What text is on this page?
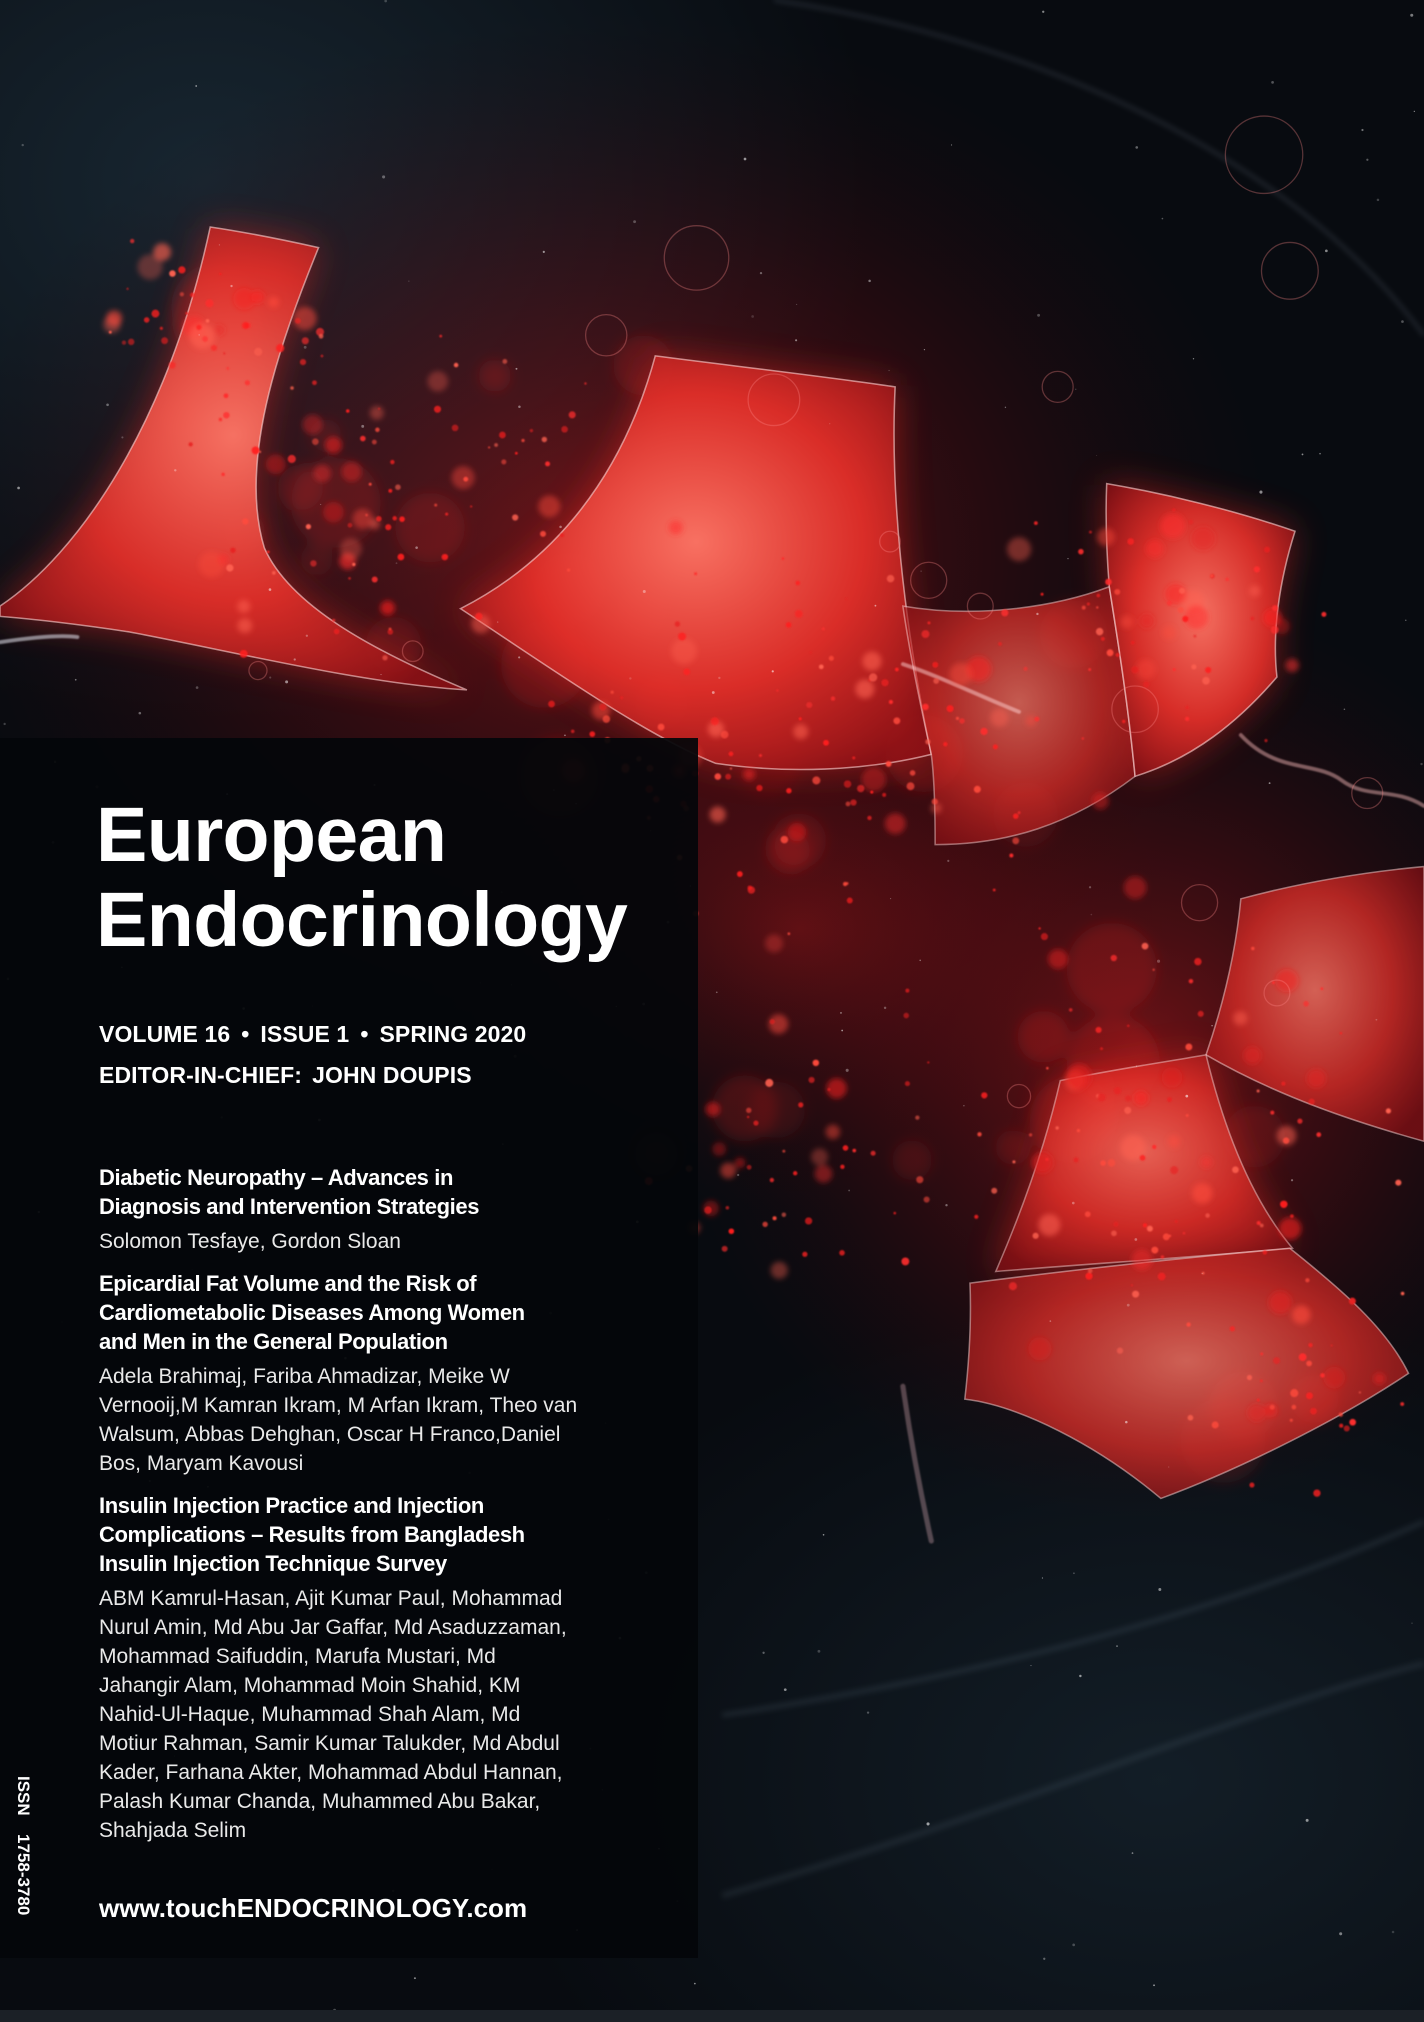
European
Endocrinology
VOLUME 16 • ISSUE 1 • SPRING 2020
EDITOR-IN-CHIEF: JOHN DOUPIS
Diabetic Neuropathy – Advances in
Diagnosis and Intervention Strategies
Solomon Tesfaye, Gordon Sloan
Epicardial Fat Volume and the Risk of
Cardiometabolic Diseases Among Women
and Men in the General Population
Adela Brahimaj, Fariba Ahmadizar, Meike W
Vernooij,M Kamran Ikram, M Arfan Ikram, Theo van
Walsum, Abbas Dehghan, Oscar H Franco,Daniel
Bos, Maryam Kavousi
Insulin Injection Practice and Injection
Complications – Results from Bangladesh
Insulin Injection Technique Survey
ABM Kamrul-Hasan, Ajit Kumar Paul, Mohammad
Nurul Amin, Md Abu Jar Gaffar, Md Asaduzzaman,
Mohammad Saifuddin, Marufa Mustari, Md
Jahangir Alam, Mohammad Moin Shahid, KM
Nahid-Ul-Haque, Muhammad Shah Alam, Md
Motiur Rahman, Samir Kumar Talukder, Md Abdul
Kader, Farhana Akter, Mohammad Abdul Hannan,
Palash Kumar Chanda, Muhammed Abu Bakar,
Shahjada Selim
www.touchENDOCRINOLOGY.com
ISSN1758-3780
